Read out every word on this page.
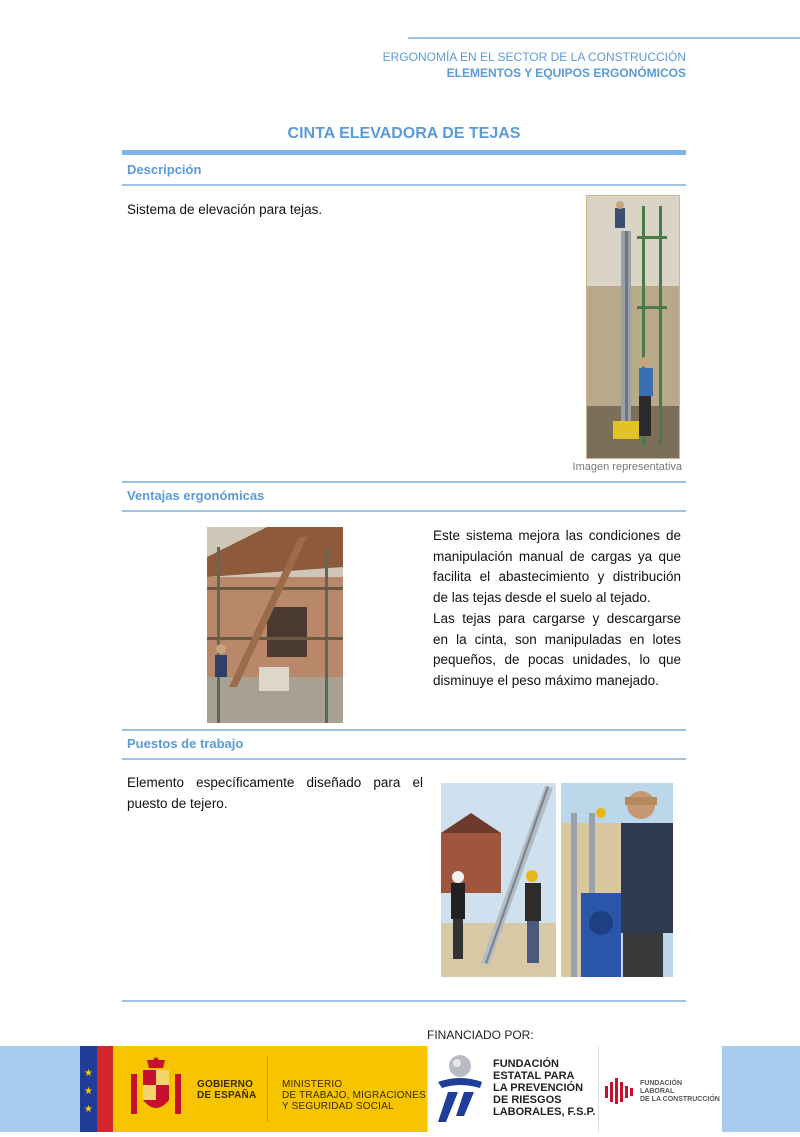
ERGONOMÍA EN EL SECTOR DE LA CONSTRUCCIÓN
ELEMENTOS Y EQUIPOS ERGONÓMICOS
CINTA ELEVADORA DE TEJAS
Descripción
Sistema de elevación para tejas.
Imagen representativa
Ventajas ergonómicas
Este sistema mejora las condiciones de manipulación manual de cargas ya que facilita el abastecimiento y distribución de las tejas desde el suelo al tejado.
Las tejas para cargarse y descargarse en la cinta, son manipuladas en lotes pequeños, de pocas unidades, lo que disminuye el peso máximo manejado.
Puestos de trabajo
Elemento específicamente diseñado para el puesto de tejero.
FINANCIADO POR:
★
★
★
GOBIERNO
DE ESPAÑA
MINISTERIO
DE TRABAJO, MIGRACIONES
Y SEGURIDAD SOCIAL
FUNDACIÓN
ESTATAL PARA
LA PREVENCIÓN
DE RIESGOS
LABORALES, F.S.P.
FUNDACIÓN
LABORAL
DE LA CONSTRUCCIÓN
